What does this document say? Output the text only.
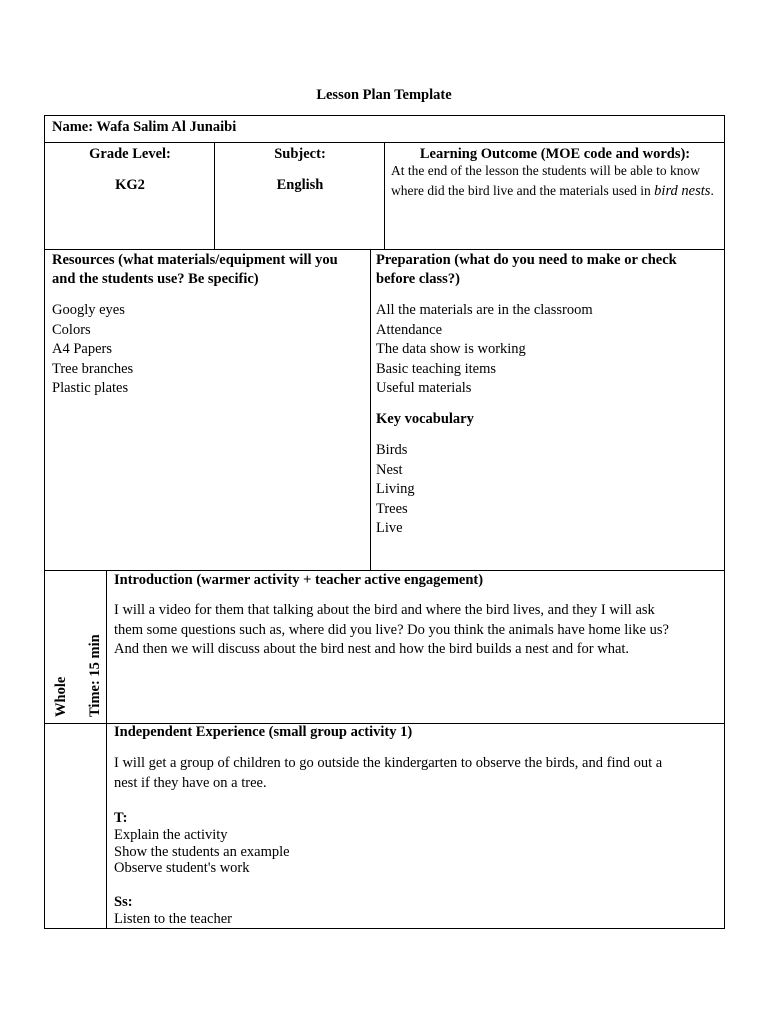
Lesson Plan Template
Name: Wafa Salim Al Junaibi
Grade Level:
KG2
Subject:
English
Learning Outcome (MOE code and words):
At the end of the lesson the students will be able to know where did the bird live and the materials used in bird nests.
Resources (what materials/equipment will you
and the students use? Be specific)
Googly eyes
Colors
A4 Papers
Tree branches
Plastic plates
Preparation (what do you need to make or check
before class?)
All the materials are in the classroom
Attendance
The data show is working
Basic teaching items
Useful materials
Key vocabulary
Birds
Nest
Living
Trees
Live
Whole Time: 15 min
Introduction (warmer activity + teacher active engagement)
I will a video for them that talking about the bird and where the bird lives, and they I will ask
them some questions such as, where did you live? Do you think the animals have home like us?
And then we will discuss about the bird nest and how the bird builds a nest and for what.
Independent Experience (small group activity 1)
I will get a group of children to go outside the kindergarten to observe the birds, and find out a
nest if they have on a tree.
T:
Explain the activity
Show the students an example
Observe student's work
Ss:
Listen to the teacher
